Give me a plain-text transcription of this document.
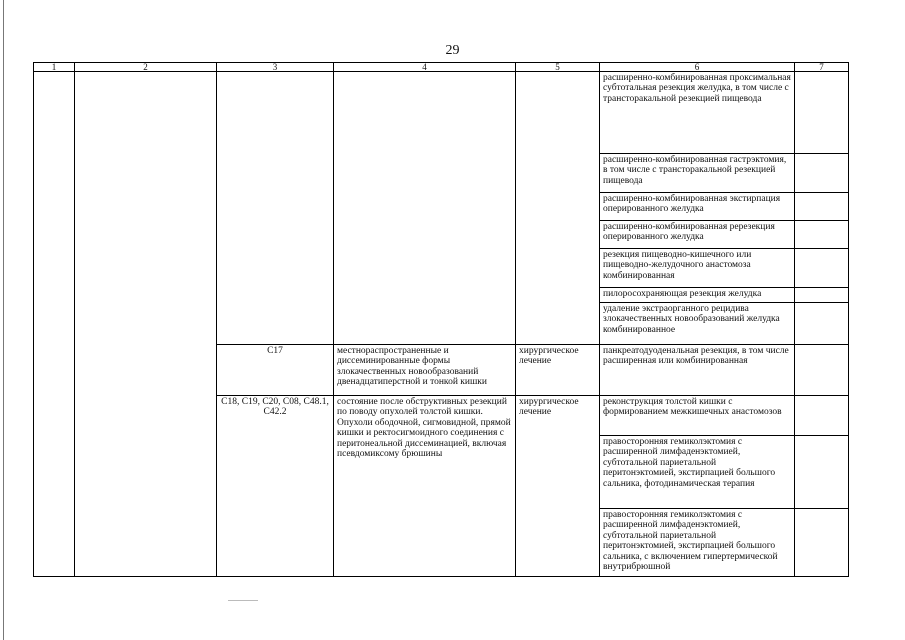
29
1	2	3	4	5	6	7
					расширенно-комбинированная проксимальная субтотальная резекция желудка, в том числе с трансторакальной резекцией пищевода	
					расширенно-комбинированная гастрэктомия, в том числе с трансторакальной резекцией пищевода	
					расширенно-комбинированная экстирпация оперированного желудка	
					расширенно-комбинированная ререзекция оперированного желудка	
					резекция пищеводно-кишечного или пищеводно-желудочного анастомоза комбинированная	
					пилоросохраняющая резекция желудка	
					удаление экстраорганного рецидива злокачественных новообразований желудка комбинированное	
		C17	местнораспространенные и диссеминированные формы злокачественных новообразований двенадцатиперстной и тонкой кишки	хирургическое лечение	панкреатодуоденальная резекция, в том числе расширенная или комбинированная	
		C18, C19, C20, C08, C48.1, C42.2	состояние после обструктивных резекций по поводу опухолей толстой кишки. Опухоли ободочной, сигмовидной, прямой кишки и ректосигмоидного соединения с перитонеальной диссеминацией, включая псевдомиксому брюшины	хирургическое лечение	реконструкция толстой кишки с формированием межкишечных анастомозов	
					правосторонняя гемиколэктомия с расширенной лимфаденэктомией, субтотальной париетальной перитонэктомией, экстирпацией большого сальника, фотодинамическая терапия	
					правосторонняя гемиколэктомия с расширенной лимфаденэктомией, субтотальной париетальной перитонэктомией, экстирпацией большого сальника, с включением гипертермической внутрибрюшной	
